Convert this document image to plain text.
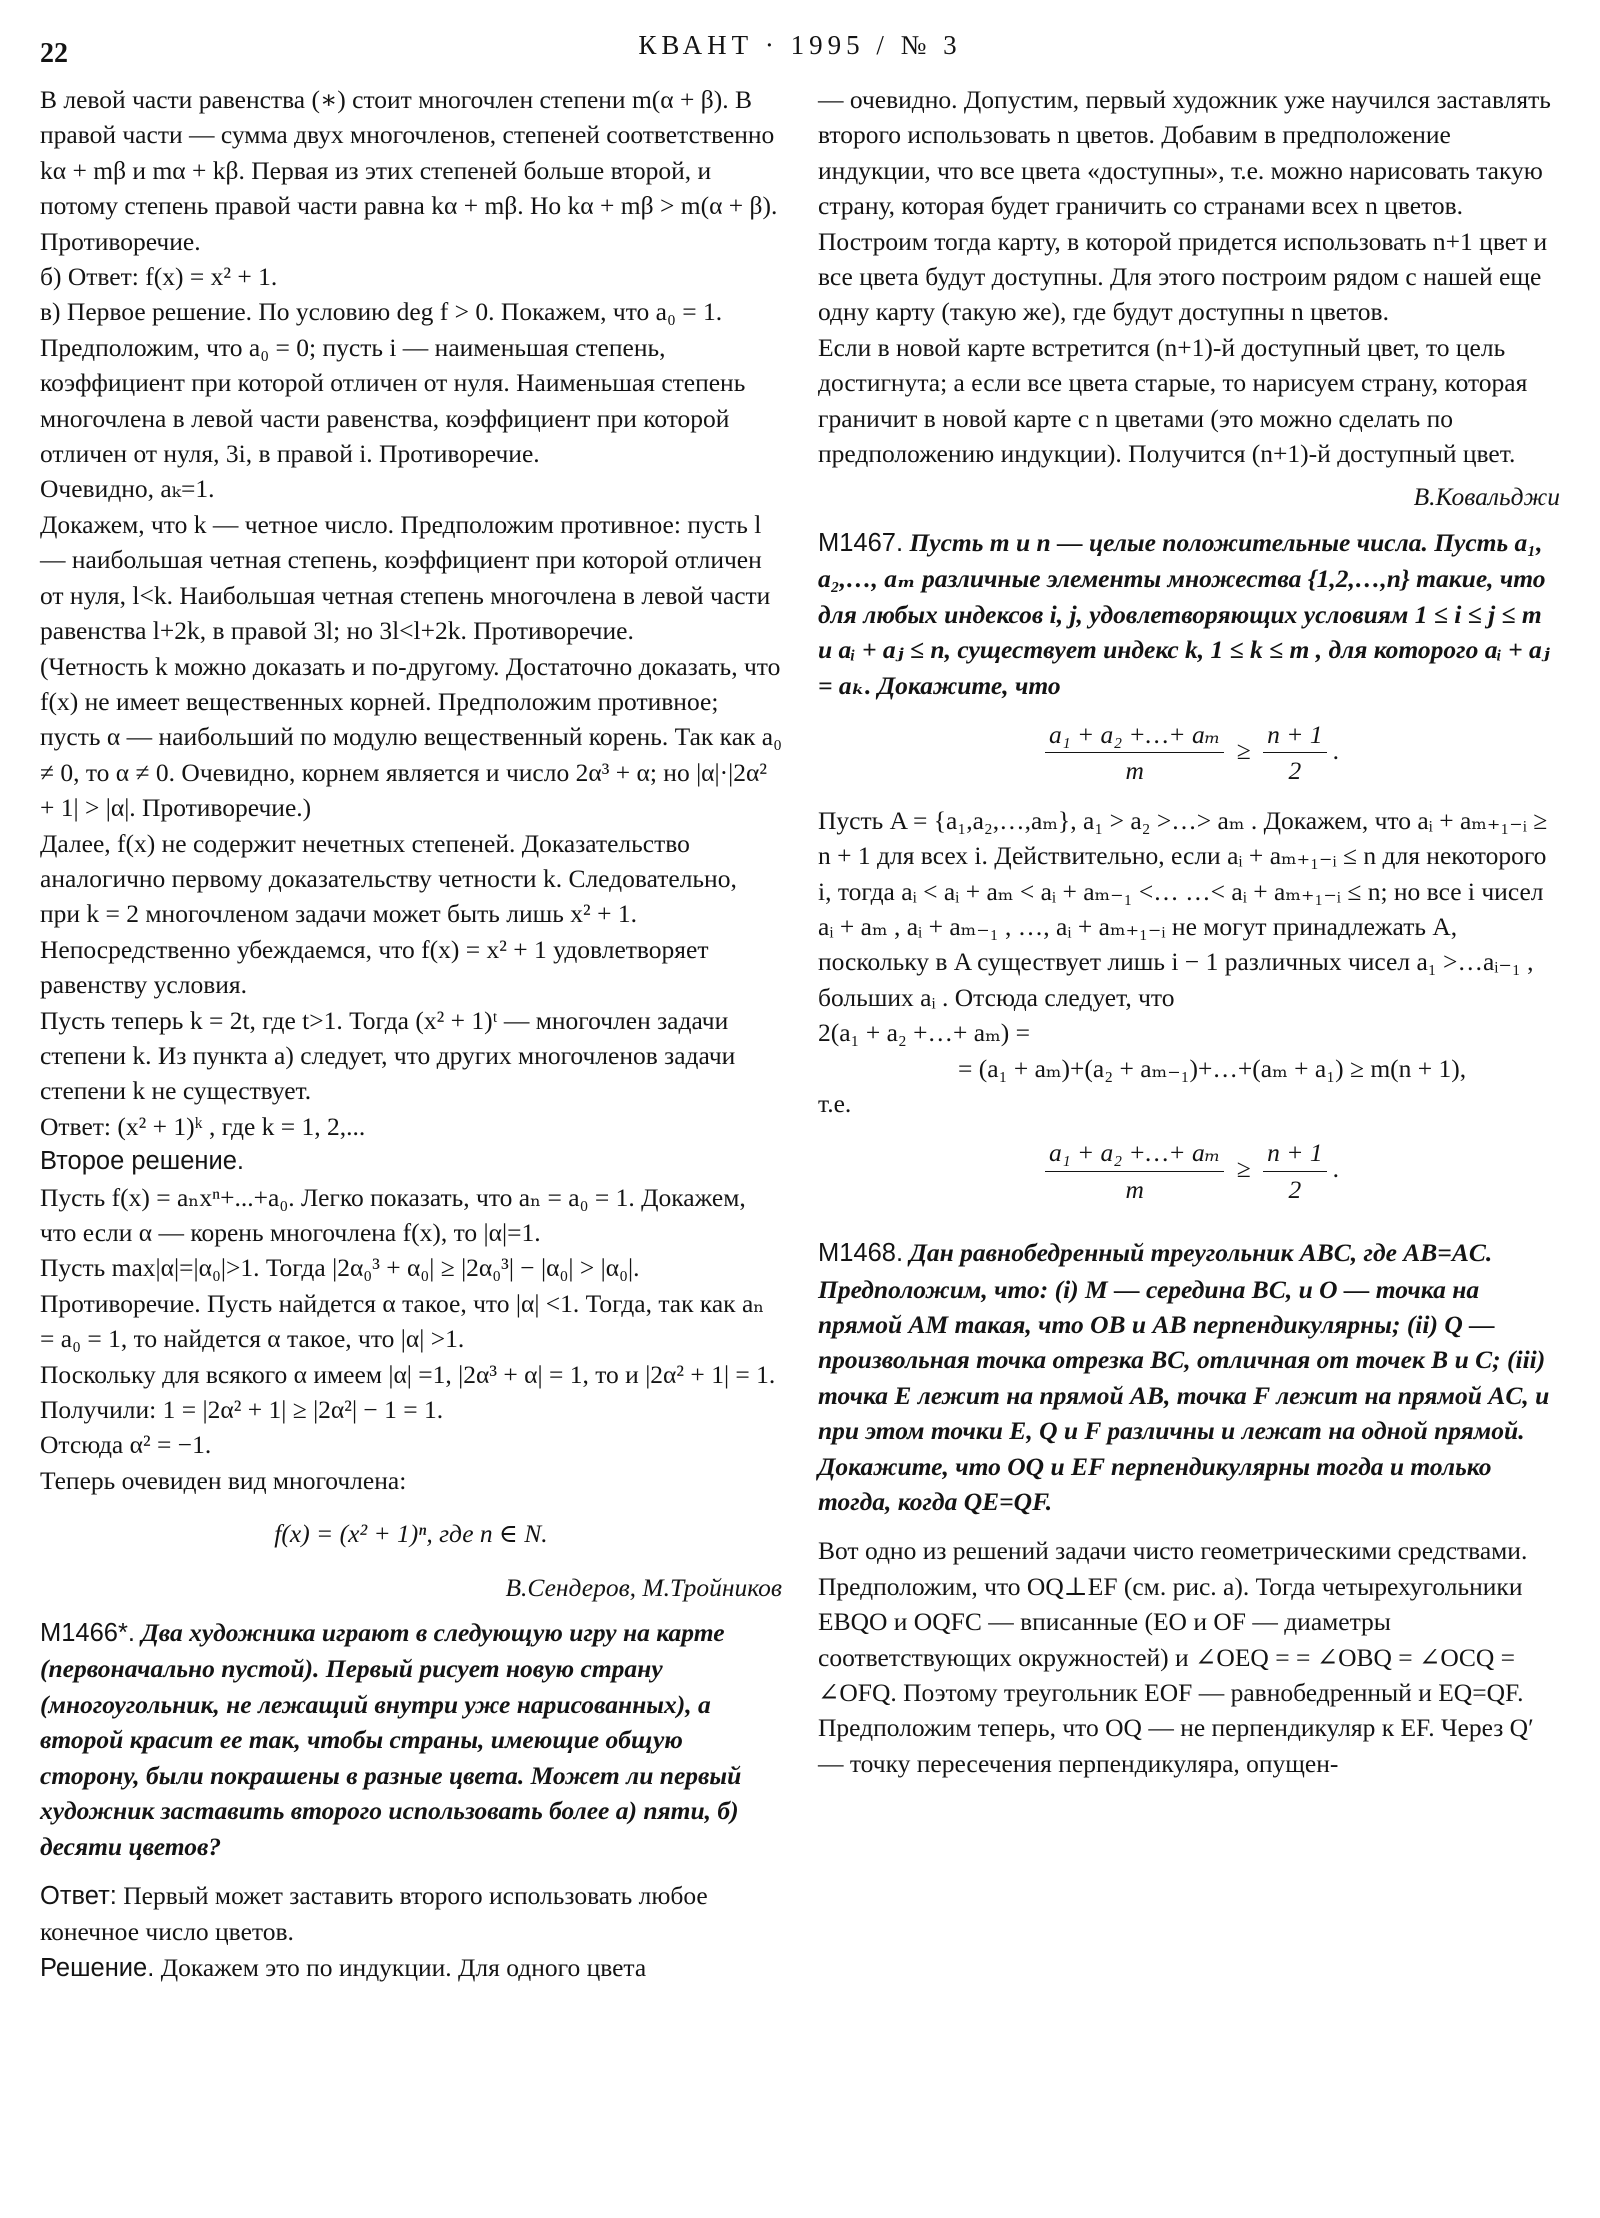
22	КВАНТ · 1995 / № 3

В левой части равенства (∗) стоит многочлен степени m(α + β). В правой части — сумма двух многочленов, степеней соответственно kα + mβ и mα + kβ. Первая из этих степеней больше второй, и потому степень правой части равна kα + mβ. Но kα + mβ > m(α + β). Противоречие.

б) Ответ: f(x) = x² + 1.

в) Первое решение. По условию deg f > 0. Покажем, что a₀ = 1. Предположим, что a₀ = 0; пусть i — наименьшая степень, коэффициент при которой отличен от нуля. Наименьшая степень многочлена в левой части равенства, коэффициент при которой отличен от нуля, 3i, в правой i. Противоречие.

Очевидно, aₖ=1.

Докажем, что k — четное число. Предположим противное: пусть l — наибольшая четная степень, коэффициент при которой отличен от нуля, l<k. Наибольшая четная степень многочлена в левой части равенства l+2k, в правой 3l; но 3l<l+2k. Противоречие.

(Четность k можно доказать и по-другому. Достаточно доказать, что f(x) не имеет вещественных корней. Предположим противное; пусть α — наибольший по модулю вещественный корень. Так как a₀ ≠ 0, то α ≠ 0. Очевидно, корнем является и число 2α³ + α; но |α|·|2α² + 1| > |α|. Противоречие.)

Далее, f(x) не содержит нечетных степеней. Доказательство аналогично первому доказательству четности k. Следовательно, при k = 2 многочленом задачи может быть лишь x² + 1. Непосредственно убеждаемся, что f(x) = x² + 1 удовлетворяет равенству условия.

Пусть теперь k = 2t, где t>1. Тогда (x² + 1)ᵗ — многочлен задачи степени k. Из пункта а) следует, что других многочленов задачи степени k не существует.

Ответ: (x² + 1)ᵏ , где k = 1, 2,...

Второе решение.

Пусть f(x) = aₙxⁿ+...+a₀. Легко показать, что aₙ = a₀ = 1. Докажем, что если α — корень многочлена f(x), то |α|=1.

Пусть max|α|=|α₀|>1. Тогда |2α₀³ + α₀| ≥ |2α₀³| − |α₀| > |α₀|. Противоречие. Пусть найдется α такое, что |α| <1. Тогда, так как aₙ = a₀ = 1, то найдется α такое, что |α| >1.

Поскольку для всякого α имеем |α| =1, |2α³ + α| = 1, то и |2α² + 1| = 1. Получили: 1 = |2α² + 1| ≥ |2α²| − 1 = 1.

Отсюда α² = −1.

Теперь очевиден вид многочлена:

f(x) = (x² + 1)ⁿ, где n ∈ N.

В.Сендеров, М.Тройников

М1466*. Два художника играют в следующую игру на карте (первоначально пустой). Первый рисует новую страну (многоугольник, не лежащий внутри уже нарисованных), а второй красит ее так, чтобы страны, имеющие общую сторону, были покрашены в разные цвета. Может ли первый художник заставить второго использовать более а) пяти, б) десяти цветов?

Ответ: Первый может заставить второго использовать любое конечное число цветов.

Решение. Докажем это по индукции. Для одного цвета

— очевидно. Допустим, первый художник уже научился заставлять второго использовать n цветов. Добавим в предположение индукции, что все цвета «доступны», т.е. можно нарисовать такую страну, которая будет граничить со странами всех n цветов. Построим тогда карту, в которой придется использовать n+1 цвет и все цвета будут доступны. Для этого построим рядом с нашей еще одну карту (такую же), где будут доступны n цветов.

Если в новой карте встретится (n+1)-й доступный цвет, то цель достигнута; а если все цвета старые, то нарисуем страну, которая граничит в новой карте с n цветами (это можно сделать по предположению индукции). Получится (n+1)-й доступный цвет.

В.Ковальджи

М1467. Пусть m и n — целые положительные числа. Пусть a₁, a₂,…, aₘ различные элементы множества {1,2,…,n} такие, что для любых индексов i, j, удовлетворяющих условиям 1 ≤ i ≤ j ≤ m и aᵢ + aⱼ ≤ n, существует индекс k, 1 ≤ k ≤ m , для которого aᵢ + aⱼ = aₖ. Докажите, что

$\frac{\text{a₁ + a₂ +…+ aₘ}}{m} \ge \frac{n + 1}{2}$ .

Пусть A = {a₁,a₂,…,aₘ}, a₁ > a₂ >…> aₘ . Докажем, что aᵢ + aₘ₊₁₋ᵢ ≥ n + 1 для всех i. Действительно, если aᵢ + aₘ₊₁₋ᵢ ≤ n для некоторого i, тогда aᵢ < aᵢ + aₘ < aᵢ + aₘ₋₁ <… …< aᵢ + aₘ₊₁₋ᵢ ≤ n; но все i чисел aᵢ + aₘ , aᵢ + aₘ₋₁ , …, aᵢ + aₘ₊₁₋ᵢ не могут принадлежать A, поскольку в A существует лишь i − 1 различных чисел a₁ >…aᵢ₋₁ , больших aᵢ . Отсюда следует, что

2(a₁ + a₂ +…+ aₘ) =

= (a₁ + aₘ)+(a₂ + aₘ₋₁)+…+(aₘ + a₁) ≥ m(n + 1),

т.е.

$\frac{\text{a₁ + a₂ +…+ aₘ}}{m} \ge \frac{n + 1}{2}$ .

М1468. Дан равнобедренный треугольник ABC, где AB=AC. Предположим, что: (i) M — середина BC, и O — точка на прямой AM такая, что OB и AB перпендикулярны; (ii) Q — произвольная точка отрезка BC, отличная от точек B и C; (iii) точка E лежит на прямой AB, точка F лежит на прямой AC, и при этом точки E, Q и F различны и лежат на одной прямой. Докажите, что OQ и EF перпендикулярны тогда и только тогда, когда QE=QF.

Вот одно из решений задачи чисто геометрическими средствами.

Предположим, что OQ⊥EF (см. рис. а). Тогда четырехугольники EBQO и OQFC — вписанные (EO и OF — диаметры соответствующих окружностей) и ∠OEQ = = ∠OBQ = ∠OCQ = ∠OFQ. Поэтому треугольник EOF — равнобедренный и EQ=QF.

Предположим теперь, что OQ — не перпендикуляр к EF. Через Q′ — точку пересечения перпендикуляра, опущен-
